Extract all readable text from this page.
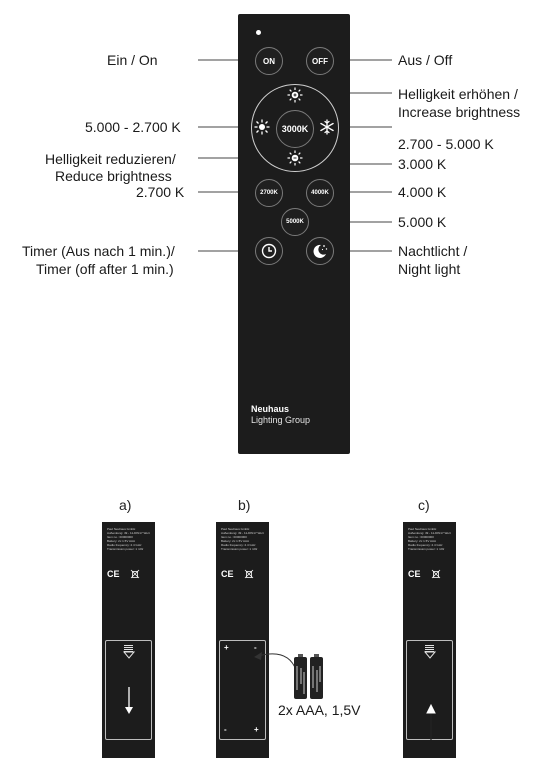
ON	OFF
3000K
2700K	4000K
5000K
Neuhaus
Lighting Group
Ein / On
5.000 - 2.700 K
Helligkeit reduzieren/
Reduce brightness
2.700 K
Timer (Aus nach 1 min.)/
Timer (off after 1 min.)
Aus / Off
Helligkeit erhöhen /
Increase brightness
2.700 - 5.000 K
3.000 K
4.000 K
5.000 K
Nachtlicht /
Night light
a)	b)	c)
Paul Neuhaus GmbH
Außenkung: 49 - 11-DIN17 Wert
Item no.: 00000000
Battery: 2x 1.5V AAA
Radio frequency: 2.4 GHz
Transmission power: 1 mW
CE
Paul Neuhaus GmbH
Außenkung: 49 - 11-DIN17 Wert
Item no.: 00000000
Battery: 2x 1.5V AAA
Radio frequency: 2.4 GHz
Transmission power: 1 mW
CE
+	-
-	+
2x AAA, 1,5V
Paul Neuhaus GmbH
Außenkung: 49 - 11-DIN17 Wert
Item no.: 00000000
Battery: 2x 1.5V AAA
Radio frequency: 2.4 GHz
Transmission power: 1 mW
CE
